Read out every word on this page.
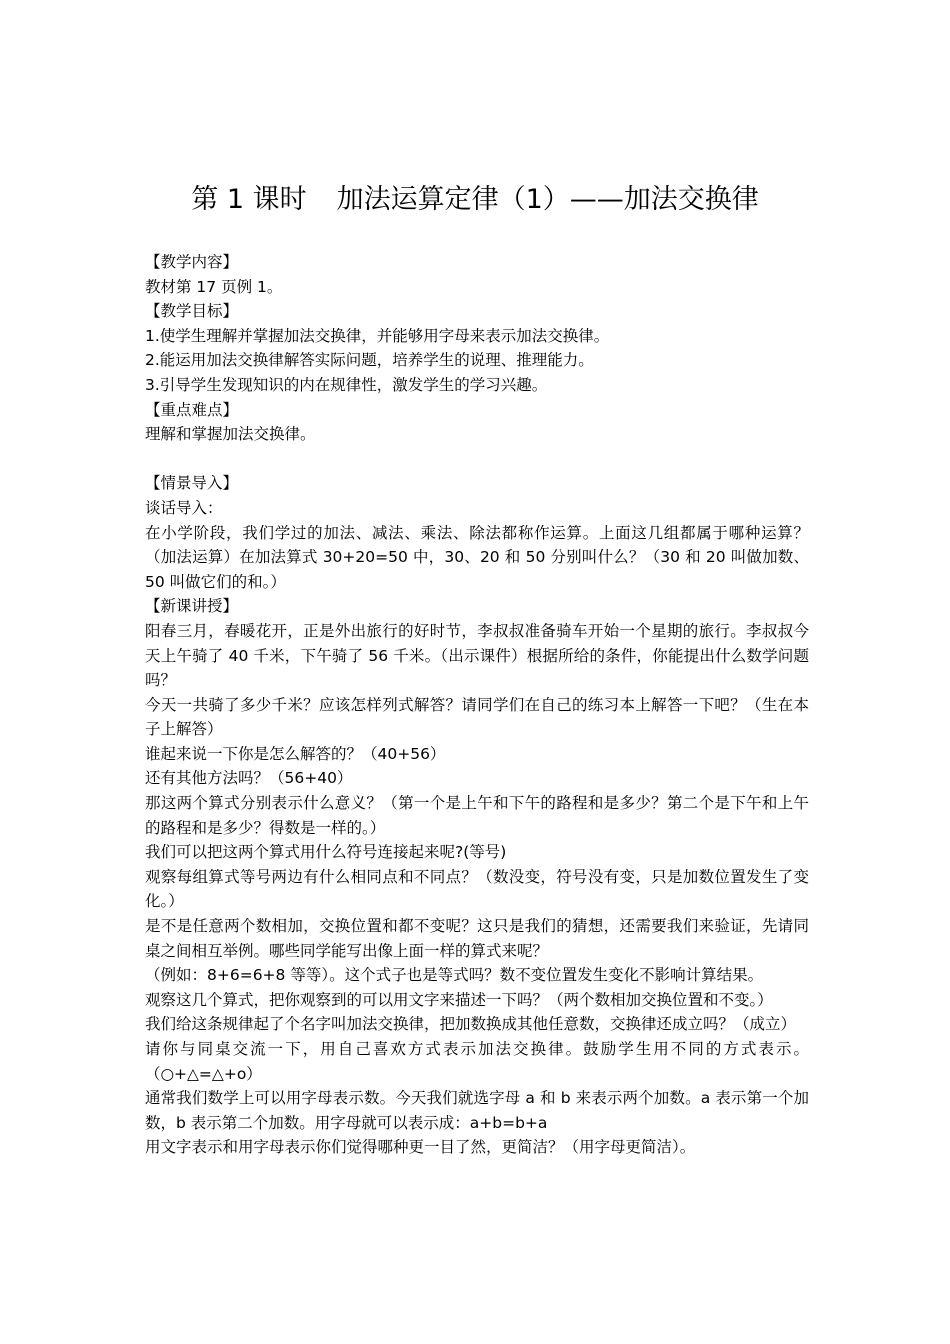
第 1 课时 加法运算定律（1）——加法交换律

【教学内容】

教材第 17 页例 1。

【教学目标】

1.使学生理解并掌握加法交换律，并能够用字母来表示加法交换律。

2.能运用加法交换律解答实际问题，培养学生的说理、推理能力。

3.引导学生发现知识的内在规律性，激发学生的学习兴趣。

【重点难点】

理解和掌握加法交换律。

【情景导入】

谈话导入：

在小学阶段，我们学过的加法、减法、乘法、除法都称作运算。上面这几组都属于哪种运算？（加法运算）在加法算式 30+20=50 中，30、20 和 50 分别叫什么？（30 和 20 叫做加数、50 叫做它们的和。）

【新课讲授】

阳春三月，春暖花开，正是外出旅行的好时节，李叔叔准备骑车开始一个星期的旅行。李叔叔今天上午骑了 40 千米，下午骑了 56 千米。（出示课件）根据所给的条件，你能提出什么数学问题吗？

今天一共骑了多少千米？应该怎样列式解答？请同学们在自己的练习本上解答一下吧？（生在本子上解答）

谁起来说一下你是怎么解答的？（40+56）

还有其他方法吗？（56+40）

那这两个算式分别表示什么意义？（第一个是上午和下午的路程和是多少？第二个是下午和上午的路程和是多少？得数是一样的。）

我们可以把这两个算式用什么符号连接起来呢?(等号)

观察每组算式等号两边有什么相同点和不同点？（数没变，符号没有变，只是加数位置发生了变化。）

是不是任意两个数相加，交换位置和都不变呢？这只是我们的猜想，还需要我们来验证，先请同桌之间相互举例。哪些同学能写出像上面一样的算式来呢？

（例如：8+6=6+8 等等）。这个式子也是等式吗？数不变位置发生变化不影响计算结果。

观察这几个算式，把你观察到的可以用文字来描述一下吗？（两个数相加交换位置和不变。）

我们给这条规律起了个名字叫加法交换律，把加数换成其他任意数，交换律还成立吗？（成立）

请你与同桌交流一下，用自己喜欢方式表示加法交换律。鼓励学生用不同的方式表示。（○+△=△+o）

通常我们数学上可以用字母表示数。今天我们就选字母 a 和 b 来表示两个加数。a 表示第一个加数，b 表示第二个加数。用字母就可以表示成：a+b=b+a

用文字表示和用字母表示你们觉得哪种更一目了然，更简洁？（用字母更简洁）。
